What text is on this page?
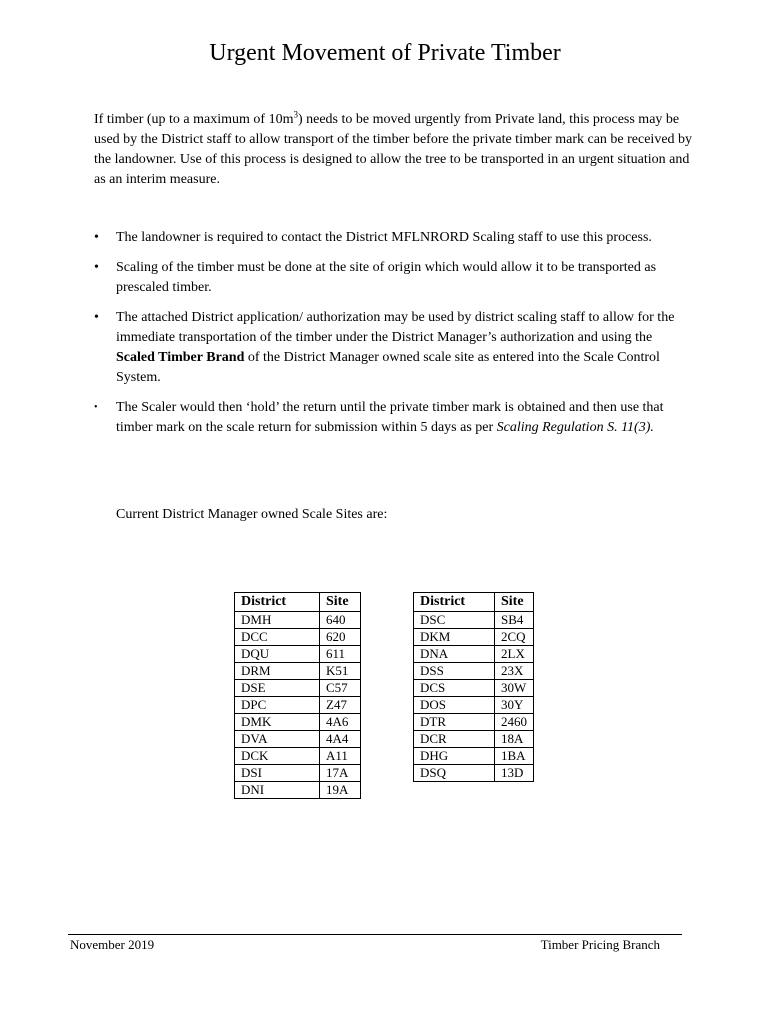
Urgent Movement of Private Timber

If timber (up to a maximum of $10m^3$) needs to be moved urgently from Private land, this process may be used by the District staff to allow transport of the timber before the private timber mark can be received by the landowner. Use of this process is designed to allow the tree to be transported in an urgent situation and as an interim measure.

• The landowner is required to contact the District MFLNRORD Scaling staff to use this process.
• Scaling of the timber must be done at the site of origin which would allow it to be transported as prescaled timber.
• The attached District application/ authorization may be used by district scaling staff to allow for the immediate transportation of the timber under the District Manager’s authorization and using the Scaled Timber Brand of the District Manager owned scale site as entered into the Scale Control System.
• The Scaler would then ‘hold’ the return until the private timber mark is obtained and then use that timber mark on the scale return for submission within 5 days as per Scaling Regulation S. 11(3).
Current District Manager owned Scale Sites are:
District	Site
DMH	640
DCC	620
DQU	611
DRM	K51
DSE	C57
DPC	Z47
DMK	4A6
DVA	4A4
DCK	A11
DSI	17A
DNI	19A
District	Site
DSC	SB4
DKM	2CQ
DNA	2LX
DSS	23X
DCS	30W
DOS	30Y
DTR	2460
DCR	18A
DHG	1BA
DSQ	13D
November 2019	Timber Pricing Branch
